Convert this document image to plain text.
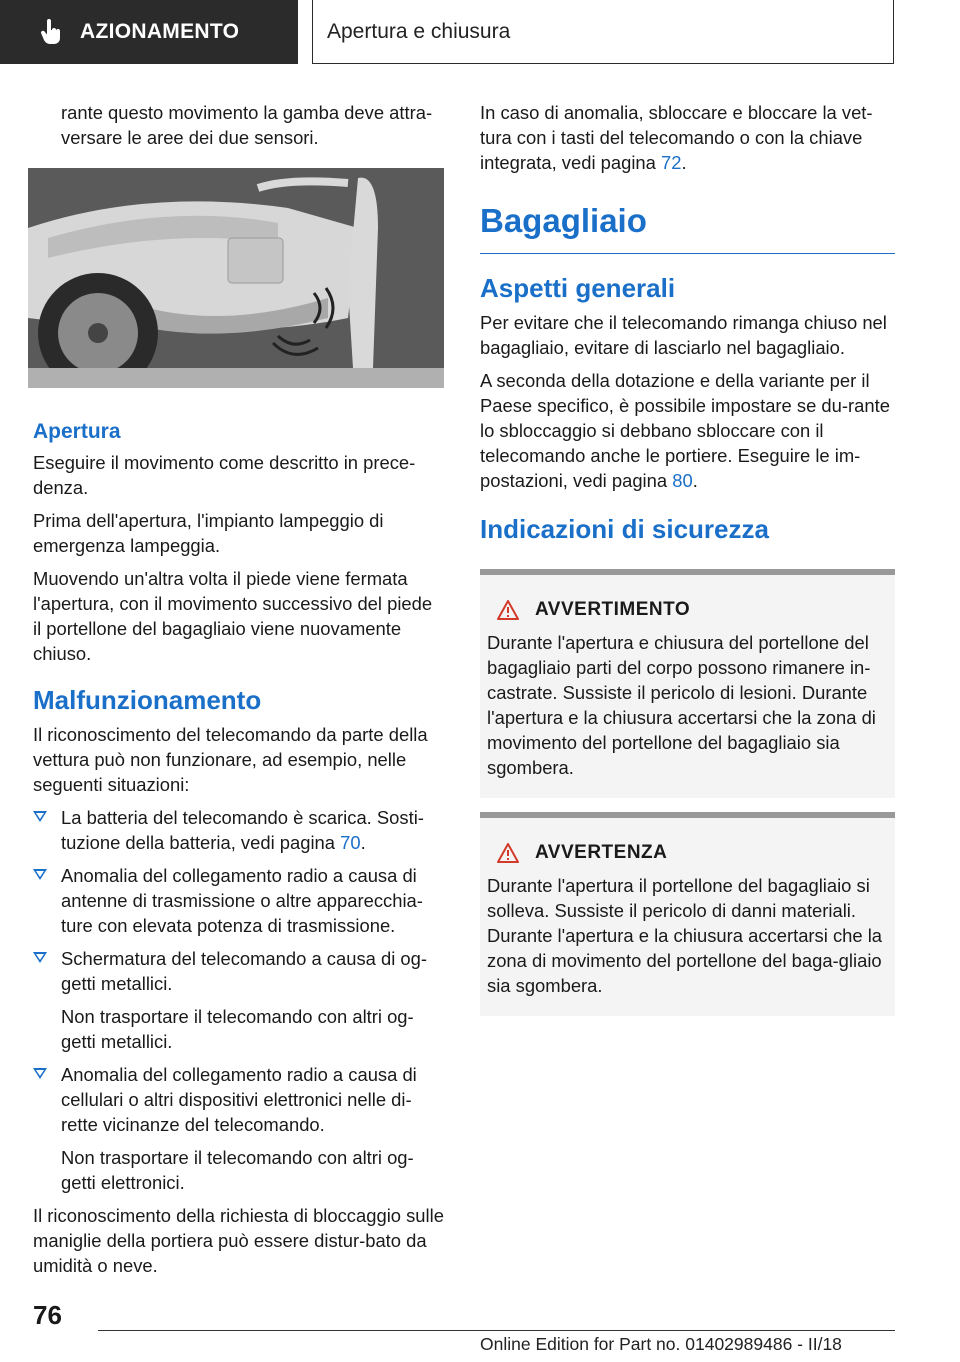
AZIONAMENTO	Apertura e chiusura

rante questo movimento la gamba deve attra-versare le aree dei due sensori.

Apertura

Eseguire il movimento come descritto in prece-denza.

Prima dell'apertura, l'impianto lampeggio di emergenza lampeggia.

Muovendo un'altra volta il piede viene fermata l'apertura, con il movimento successivo del piede il portellone del bagagliaio viene nuovamente chiuso.

Malfunzionamento

Il riconoscimento del telecomando da parte della vettura può non funzionare, ad esempio, nelle seguenti situazioni:

La batteria del telecomando è scarica. Sosti-tuzione della batteria, vedi pagina 70.
Anomalia del collegamento radio a causa di antenne di trasmissione o altre apparecchia-ture con elevata potenza di trasmissione.
Schermatura del telecomando a causa di og-getti metallici.
Non trasportare il telecomando con altri og-getti metallici.
Anomalia del collegamento radio a causa di cellulari o altri dispositivi elettronici nelle di-rette vicinanze del telecomando.
Non trasportare il telecomando con altri og-getti elettronici.

Il riconoscimento della richiesta di bloccaggio sulle maniglie della portiera può essere distur-bato da umidità o neve.

In caso di anomalia, sbloccare e bloccare la vet-tura con i tasti del telecomando o con la chiave integrata, vedi pagina 72.

Bagagliaio
Aspetti generali

Per evitare che il telecomando rimanga chiuso nel bagagliaio, evitare di lasciarlo nel bagagliaio.

A seconda della dotazione e della variante per il Paese specifico, è possibile impostare se du-rante lo sbloccaggio si debbano sbloccare con il telecomando anche le portiere. Eseguire le im-postazioni, vedi pagina 80.

Indicazioni di sicurezza
AVVERTIMENTO
Durante l'apertura e chiusura del portellone del bagagliaio parti del corpo possono rimanere in-castrate. Sussiste il pericolo di lesioni. Durante l'apertura e la chiusura accertarsi che la zona di movimento del portellone del bagagliaio sia sgombera.
AVVERTENZA
Durante l'apertura il portellone del bagagliaio si solleva. Sussiste il pericolo di danni materiali. Durante l'apertura e la chiusura accertarsi che la zona di movimento del portellone del baga-gliaio sia sgombera.
76
Online Edition for Part no. 01402989486 - II/18
